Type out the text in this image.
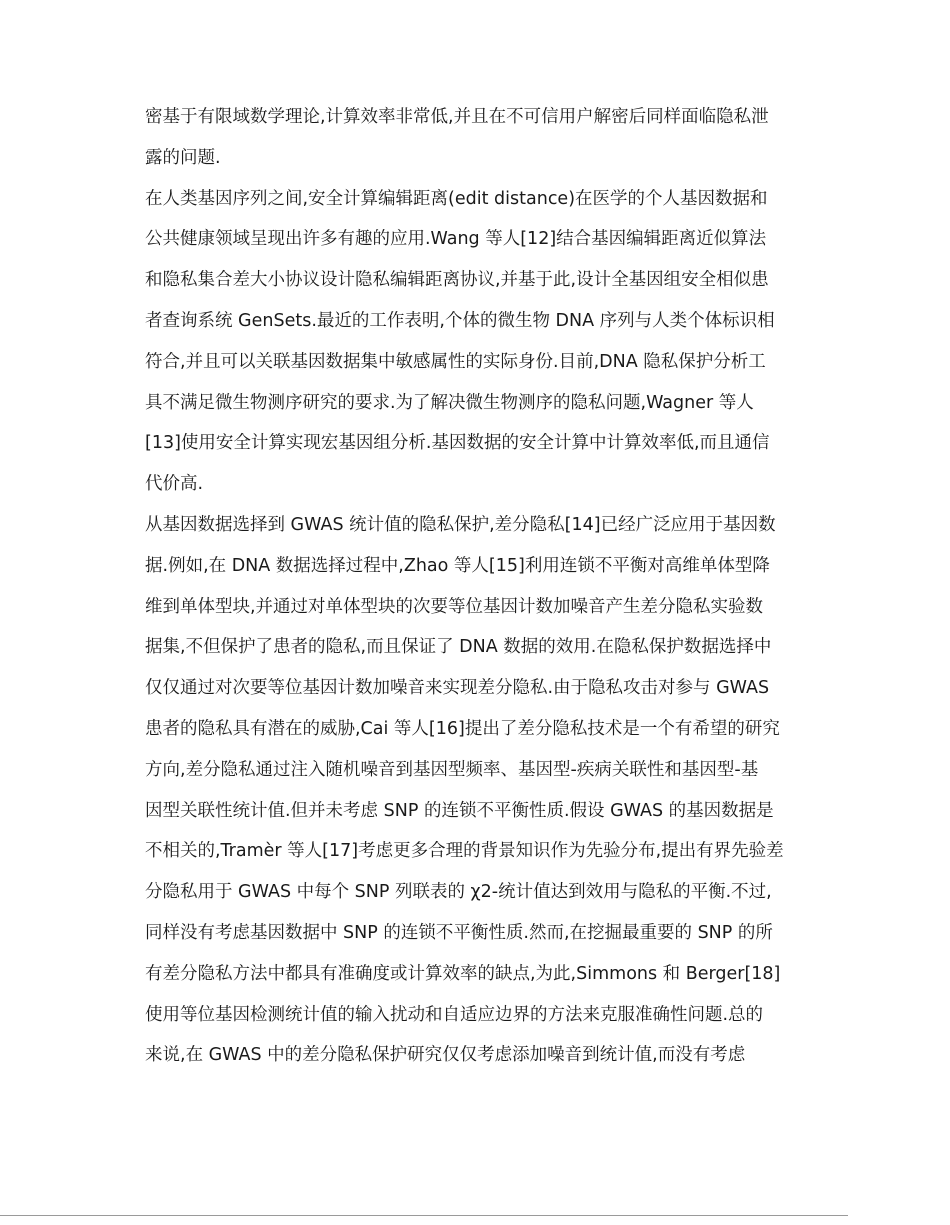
密基于有限域数学理论,计算效率非常低,并且在不可信用户解密后同样面临隐私泄
露的问题.
在人类基因序列之间,安全计算编辑距离(edit distance)在医学的个人基因数据和
公共健康领域呈现出许多有趣的应用.Wang 等人[12]结合基因编辑距离近似算法
和隐私集合差大小协议设计隐私编辑距离协议,并基于此,设计全基因组安全相似患
者查询系统 GenSets.最近的工作表明,个体的微生物 DNA 序列与人类个体标识相
符合,并且可以关联基因数据集中敏感属性的实际身份.目前,DNA 隐私保护分析工
具不满足微生物测序研究的要求.为了解决微生物测序的隐私问题,Wagner 等人
[13]使用安全计算实现宏基因组分析.基因数据的安全计算中计算效率低,而且通信
代价高.
从基因数据选择到 GWAS 统计值的隐私保护,差分隐私[14]已经广泛应用于基因数
据.例如,在 DNA 数据选择过程中,Zhao 等人[15]利用连锁不平衡对高维单体型降
维到单体型块,并通过对单体型块的次要等位基因计数加噪音产生差分隐私实验数
据集,不但保护了患者的隐私,而且保证了 DNA 数据的效用.在隐私保护数据选择中
仅仅通过对次要等位基因计数加噪音来实现差分隐私.由于隐私攻击对参与 GWAS
患者的隐私具有潜在的威胁,Cai 等人[16]提出了差分隐私技术是一个有希望的研究
方向,差分隐私通过注入随机噪音到基因型频率、基因型-疾病关联性和基因型-基
因型关联性统计值.但并未考虑 SNP 的连锁不平衡性质.假设 GWAS 的基因数据是
不相关的,Tramèr 等人[17]考虑更多合理的背景知识作为先验分布,提出有界先验差
分隐私用于 GWAS 中每个 SNP 列联表的 χ2-统计值达到效用与隐私的平衡.不过,
同样没有考虑基因数据中 SNP 的连锁不平衡性质.然而,在挖掘最重要的 SNP 的所
有差分隐私方法中都具有准确度或计算效率的缺点,为此,Simmons 和 Berger[18]
使用等位基因检测统计值的输入扰动和自适应边界的方法来克服准确性问题.总的
来说,在 GWAS 中的差分隐私保护研究仅仅考虑添加噪音到统计值,而没有考虑
